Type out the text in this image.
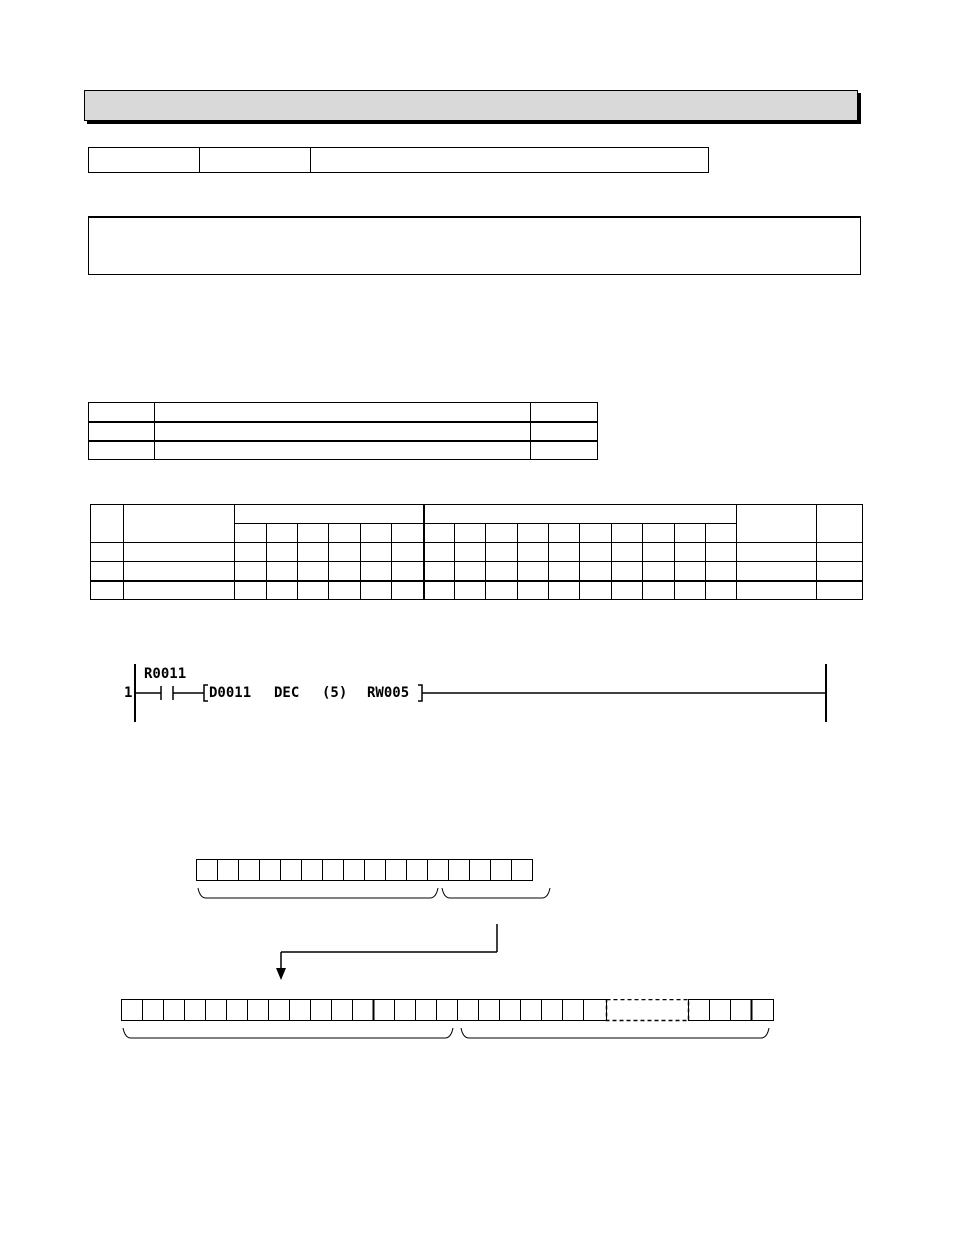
1
R0011
D0011 DEC (5) RW005
